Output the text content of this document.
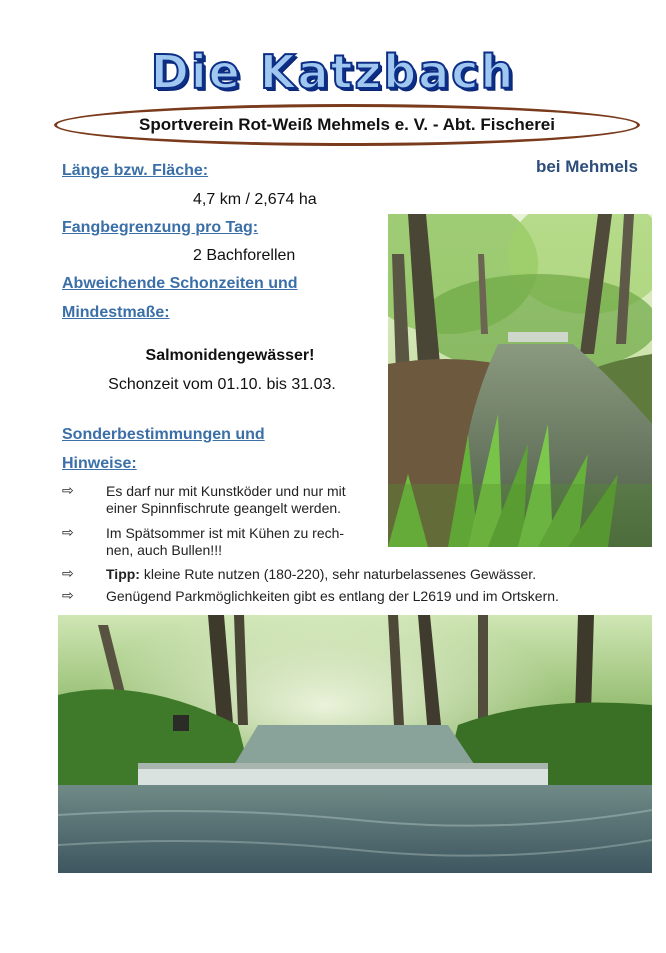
Die Katzbach
Sportverein Rot-Weiß Mehmels e. V. - Abt. Fischerei
bei Mehmels
Länge bzw. Fläche:
4,7 km / 2,674 ha
Fangbegrenzung pro Tag:
2 Bachforellen
Abweichende Schonzeiten und
Mindestmaße:
Salmonidengewässer!
Schonzeit vom 01.10. bis 31.03.
Sonderbestimmungen und
Hinweise:
⇨	Es darf nur mit Kunstköder und nur mit
einer Spinnfischrute geangelt werden.
⇨	Im Spätsommer ist mit Kühen zu rech-
nen, auch Bullen!!!
⇨	Tipp: kleine Rute nutzen (180-220), sehr naturbelassenes Gewässer.
⇨	Genügend Parkmöglichkeiten gibt es entlang der L2619 und im Ortskern.
